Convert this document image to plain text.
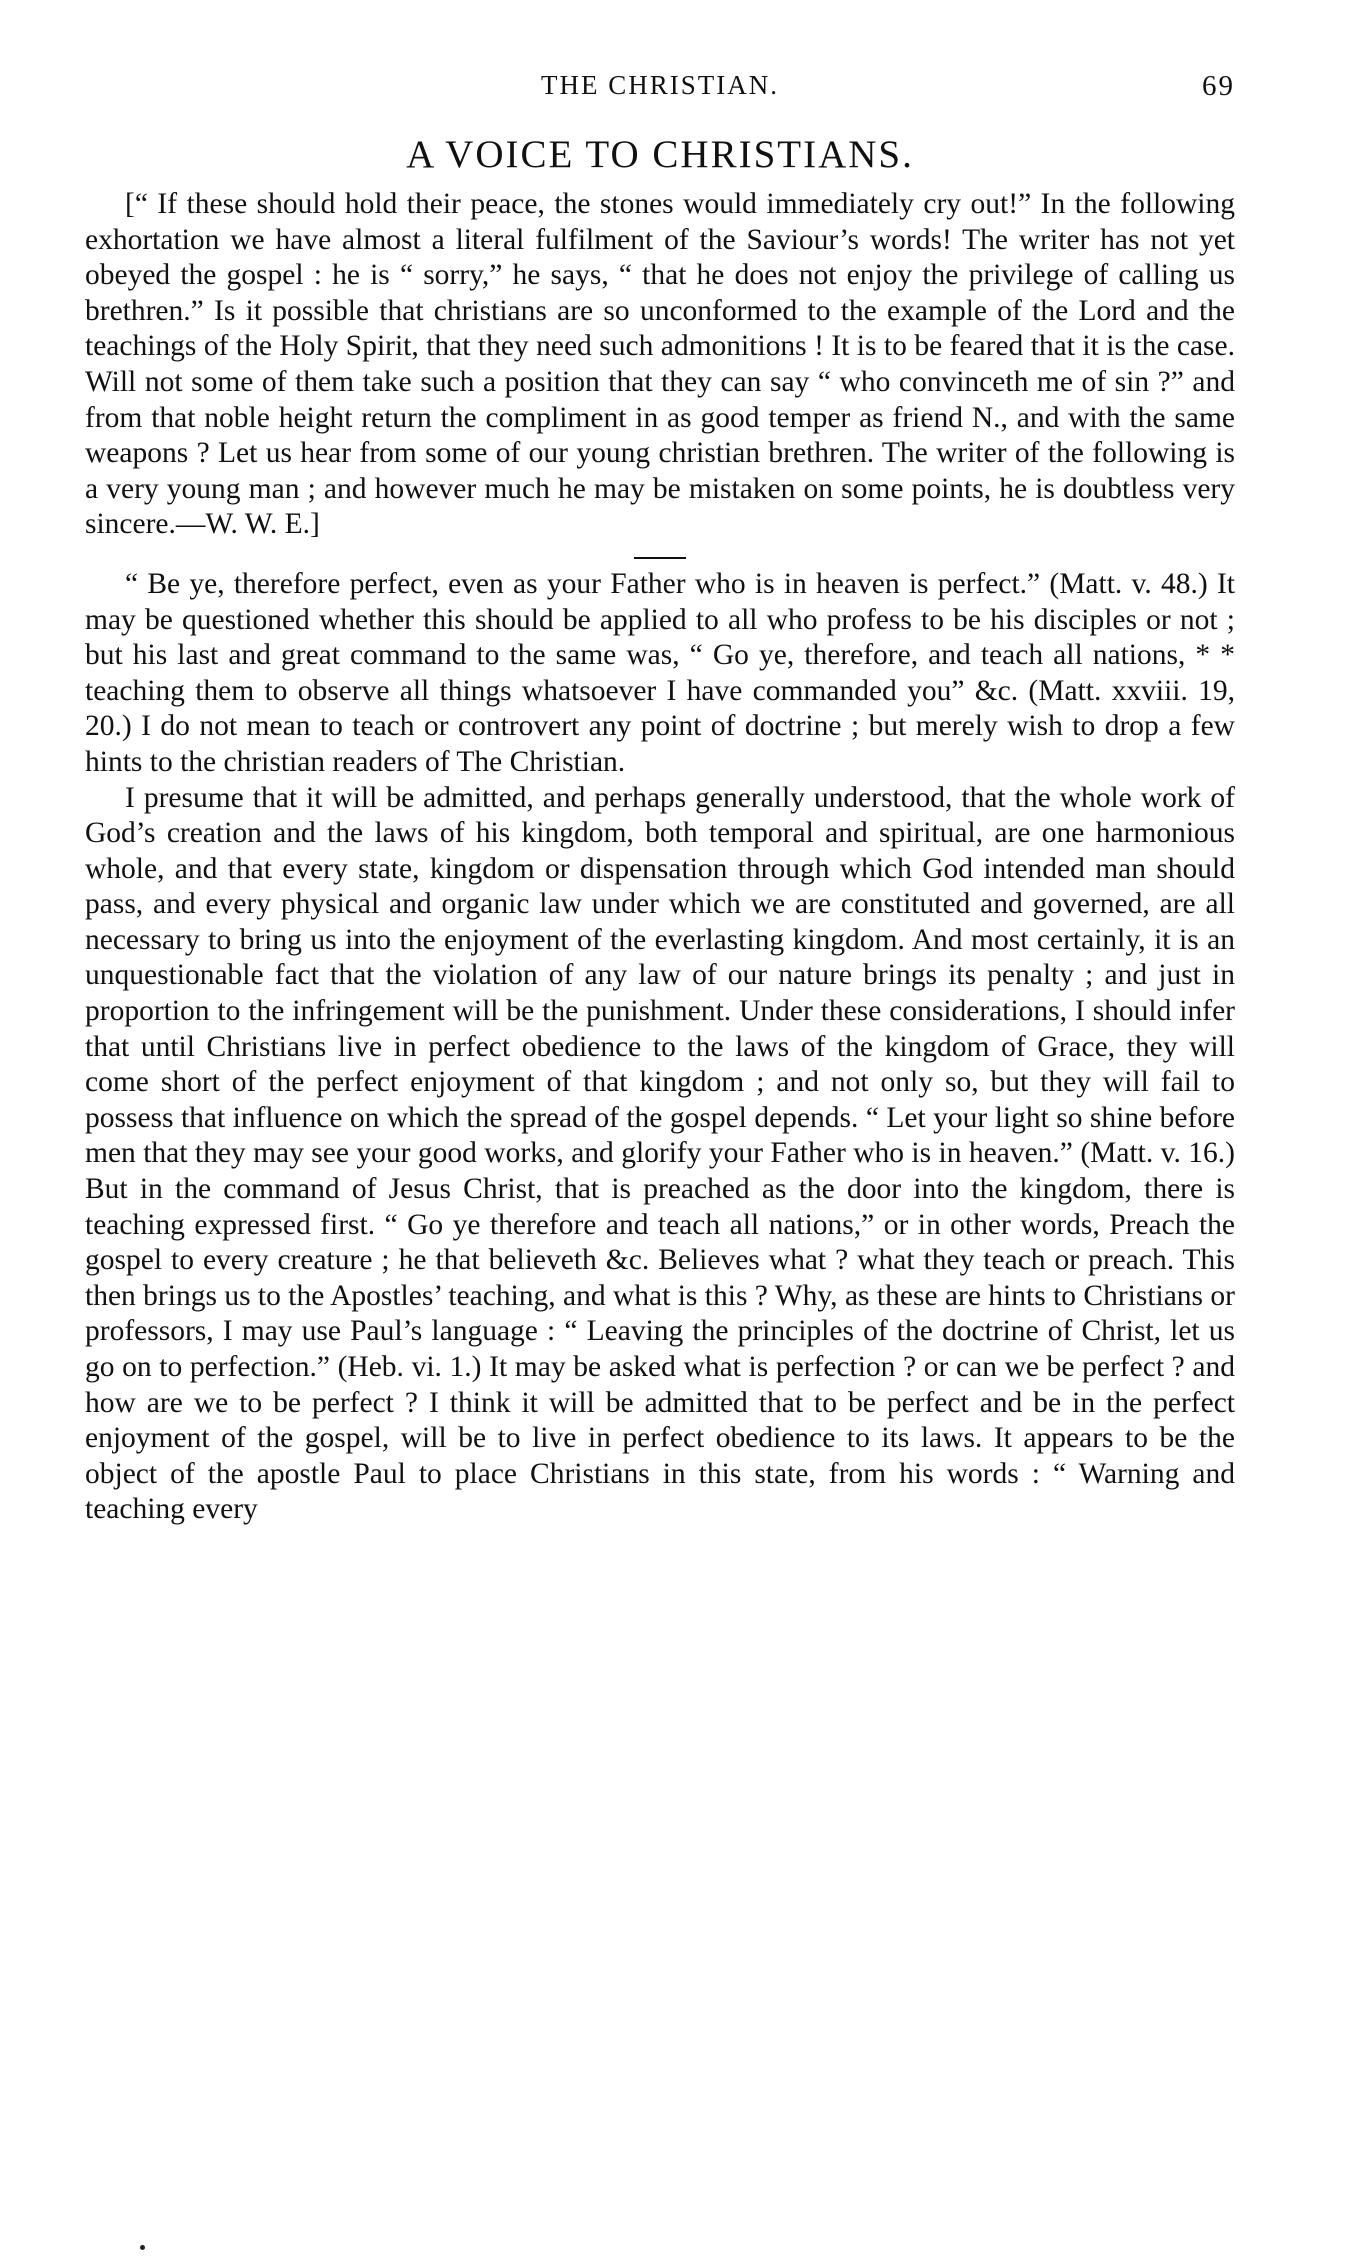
THE CHRISTIAN.	69
A VOICE TO CHRISTIANS.

[“ If these should hold their peace, the stones would immediately cry out!” In the following exhortation we have almost a literal fulfilment of the Saviour’s words! The writer has not yet obeyed the gospel : he is “ sorry,” he says, “ that he does not enjoy the privilege of calling us brethren.” Is it possible that christians are so unconformed to the example of the Lord and the teachings of the Holy Spirit, that they need such admonitions ! It is to be feared that it is the case. Will not some of them take such a position that they can say “ who convinceth me of sin ?” and from that noble height return the compliment in as good temper as friend N., and with the same weapons ? Let us hear from some of our young christian brethren. The writer of the following is a very young man ; and however much he may be mistaken on some points, he is doubtless very sincere.—W. W. E.]

“ Be ye, therefore perfect, even as your Father who is in heaven is perfect.” (Matt. v. 48.) It may be questioned whether this should be applied to all who profess to be his disciples or not ; but his last and great command to the same was, “ Go ye, therefore, and teach all nations, * * teaching them to observe all things whatsoever I have commanded you” &c. (Matt. xxviii. 19, 20.) I do not mean to teach or controvert any point of doctrine ; but merely wish to drop a few hints to the christian readers of The Christian.

I presume that it will be admitted, and perhaps generally understood, that the whole work of God’s creation and the laws of his kingdom, both temporal and spiritual, are one harmonious whole, and that every state, kingdom or dispensation through which God intended man should pass, and every physical and organic law under which we are constituted and governed, are all necessary to bring us into the enjoyment of the everlasting kingdom. And most certainly, it is an unquestionable fact that the violation of any law of our nature brings its penalty ; and just in proportion to the infringement will be the punishment. Under these considerations, I should infer that until Christians live in perfect obedience to the laws of the kingdom of Grace, they will come short of the perfect enjoyment of that kingdom ; and not only so, but they will fail to possess that influence on which the spread of the gospel depends. “ Let your light so shine before men that they may see your good works, and glorify your Father who is in heaven.” (Matt. v. 16.) But in the command of Jesus Christ, that is preached as the door into the kingdom, there is teaching expressed first. “ Go ye therefore and teach all nations,” or in other words, Preach the gospel to every creature ; he that believeth &c. Believes what ? what they teach or preach. This then brings us to the Apostles’ teaching, and what is this ? Why, as these are hints to Christians or professors, I may use Paul’s language : “ Leaving the principles of the doctrine of Christ, let us go on to perfection.” (Heb. vi. 1.) It may be asked what is perfection ? or can we be perfect ? and how are we to be perfect ? I think it will be admitted that to be perfect and be in the perfect enjoyment of the gospel, will be to live in perfect obedience to its laws. It appears to be the object of the apostle Paul to place Christians in this state, from his words : “ Warning and teaching every
